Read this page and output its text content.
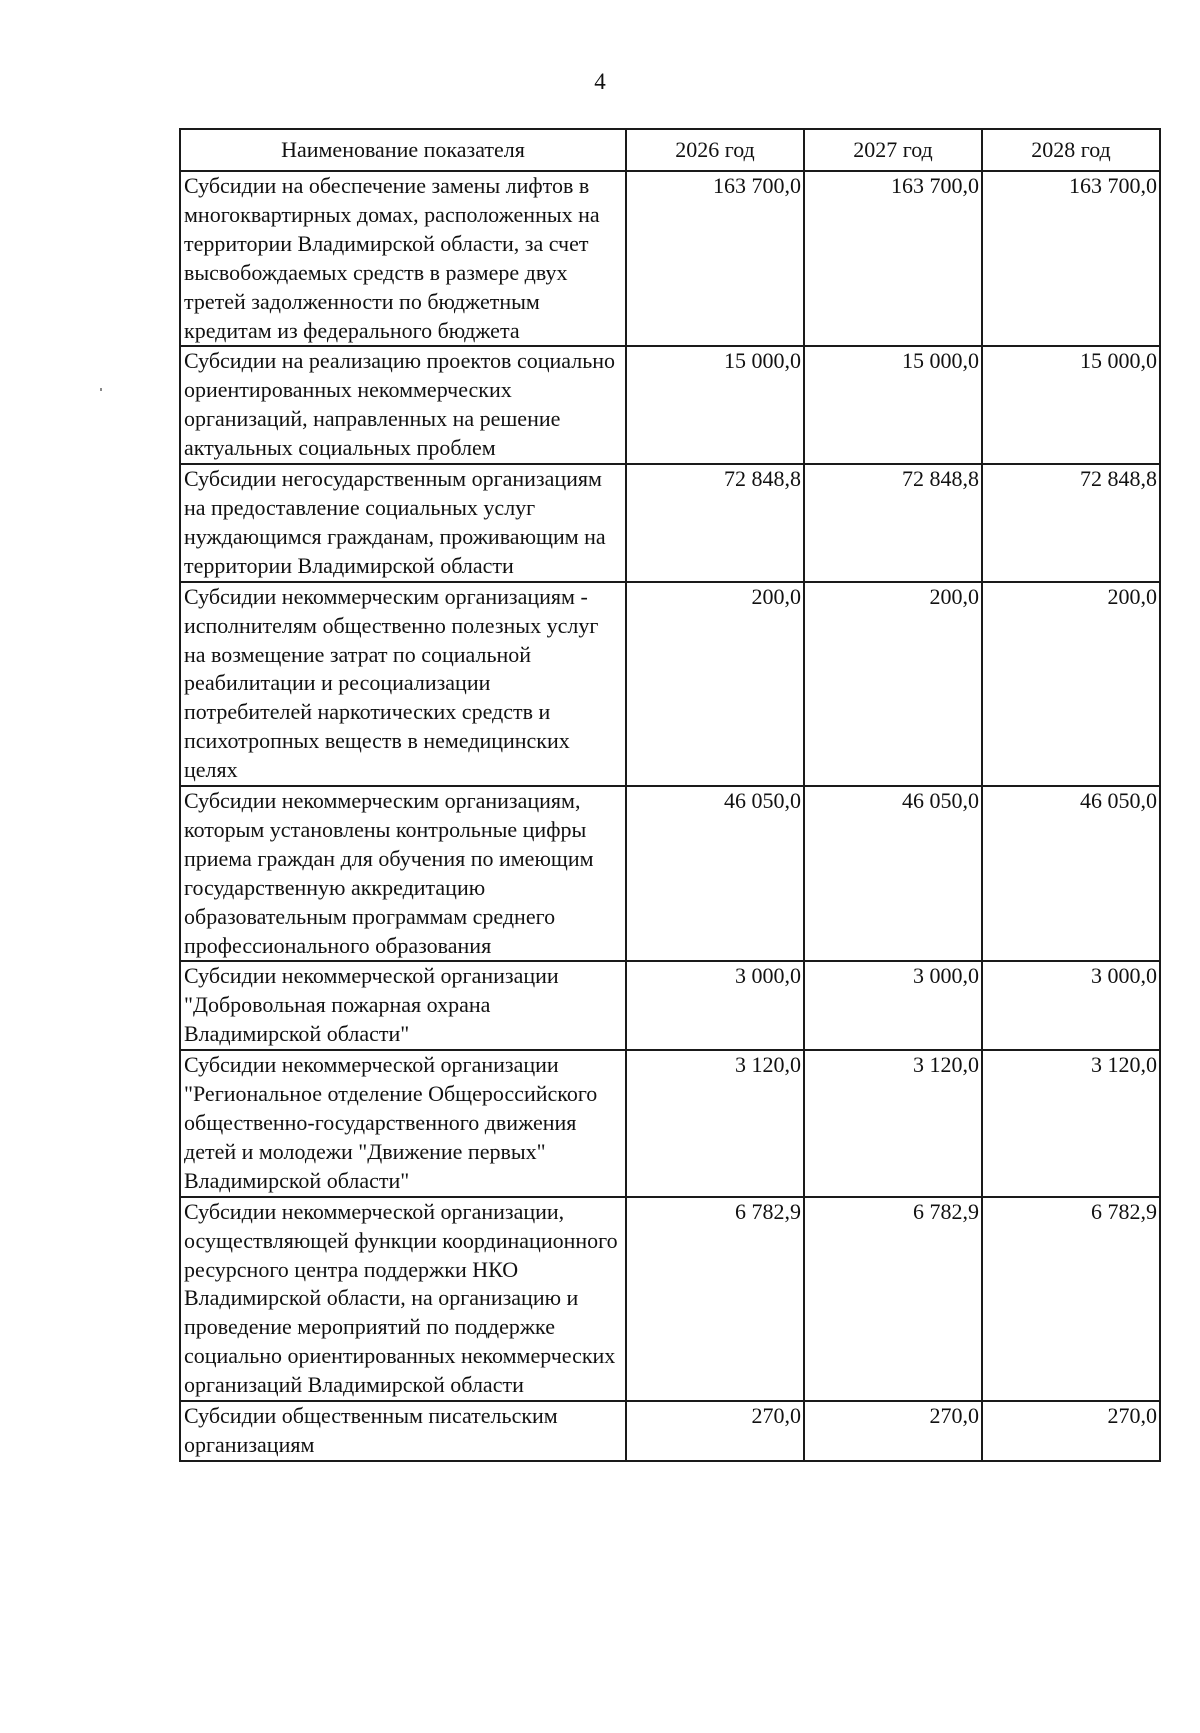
4
Наименование показателя	2026 год	2027 год	2028 год
Субсидии на обеспечение замены лифтов в многоквартирных домах, расположенных на территории Владимирской области, за счет высвобождаемых средств в размере двух третей задолженности по бюджетным кредитам из федерального бюджета	163 700,0	163 700,0	163 700,0
Субсидии на реализацию проектов социально ориентированных некоммерческих организаций, направленных на решение актуальных социальных проблем	15 000,0	15 000,0	15 000,0
Субсидии негосударственным организациям на предоставление социальных услуг нуждающимся гражданам, проживающим на территории Владимирской области	72 848,8	72 848,8	72 848,8
Субсидии некоммерческим организациям - исполнителям общественно полезных услуг на возмещение затрат по социальной реабилитации и ресоциализации потребителей наркотических средств и психотропных веществ в немедицинских целях	200,0	200,0	200,0
Субсидии некоммерческим организациям, которым установлены контрольные цифры приема граждан для обучения по имеющим государственную аккредитацию образовательным программам среднего профессионального образования	46 050,0	46 050,0	46 050,0
Субсидии некоммерческой организации "Добровольная пожарная охрана Владимирской области"	3 000,0	3 000,0	3 000,0
Субсидии некоммерческой организации "Региональное отделение Общероссийского общественно-государственного движения детей и молодежи "Движение первых" Владимирской области"	3 120,0	3 120,0	3 120,0
Субсидии некоммерческой организации, осуществляющей функции координационного ресурсного центра поддержки НКО Владимирской области, на организацию и проведение мероприятий по поддержке социально ориентированных некоммерческих организаций Владимирской области	6 782,9	6 782,9	6 782,9
Субсидии общественным писательским организациям	270,0	270,0	270,0
